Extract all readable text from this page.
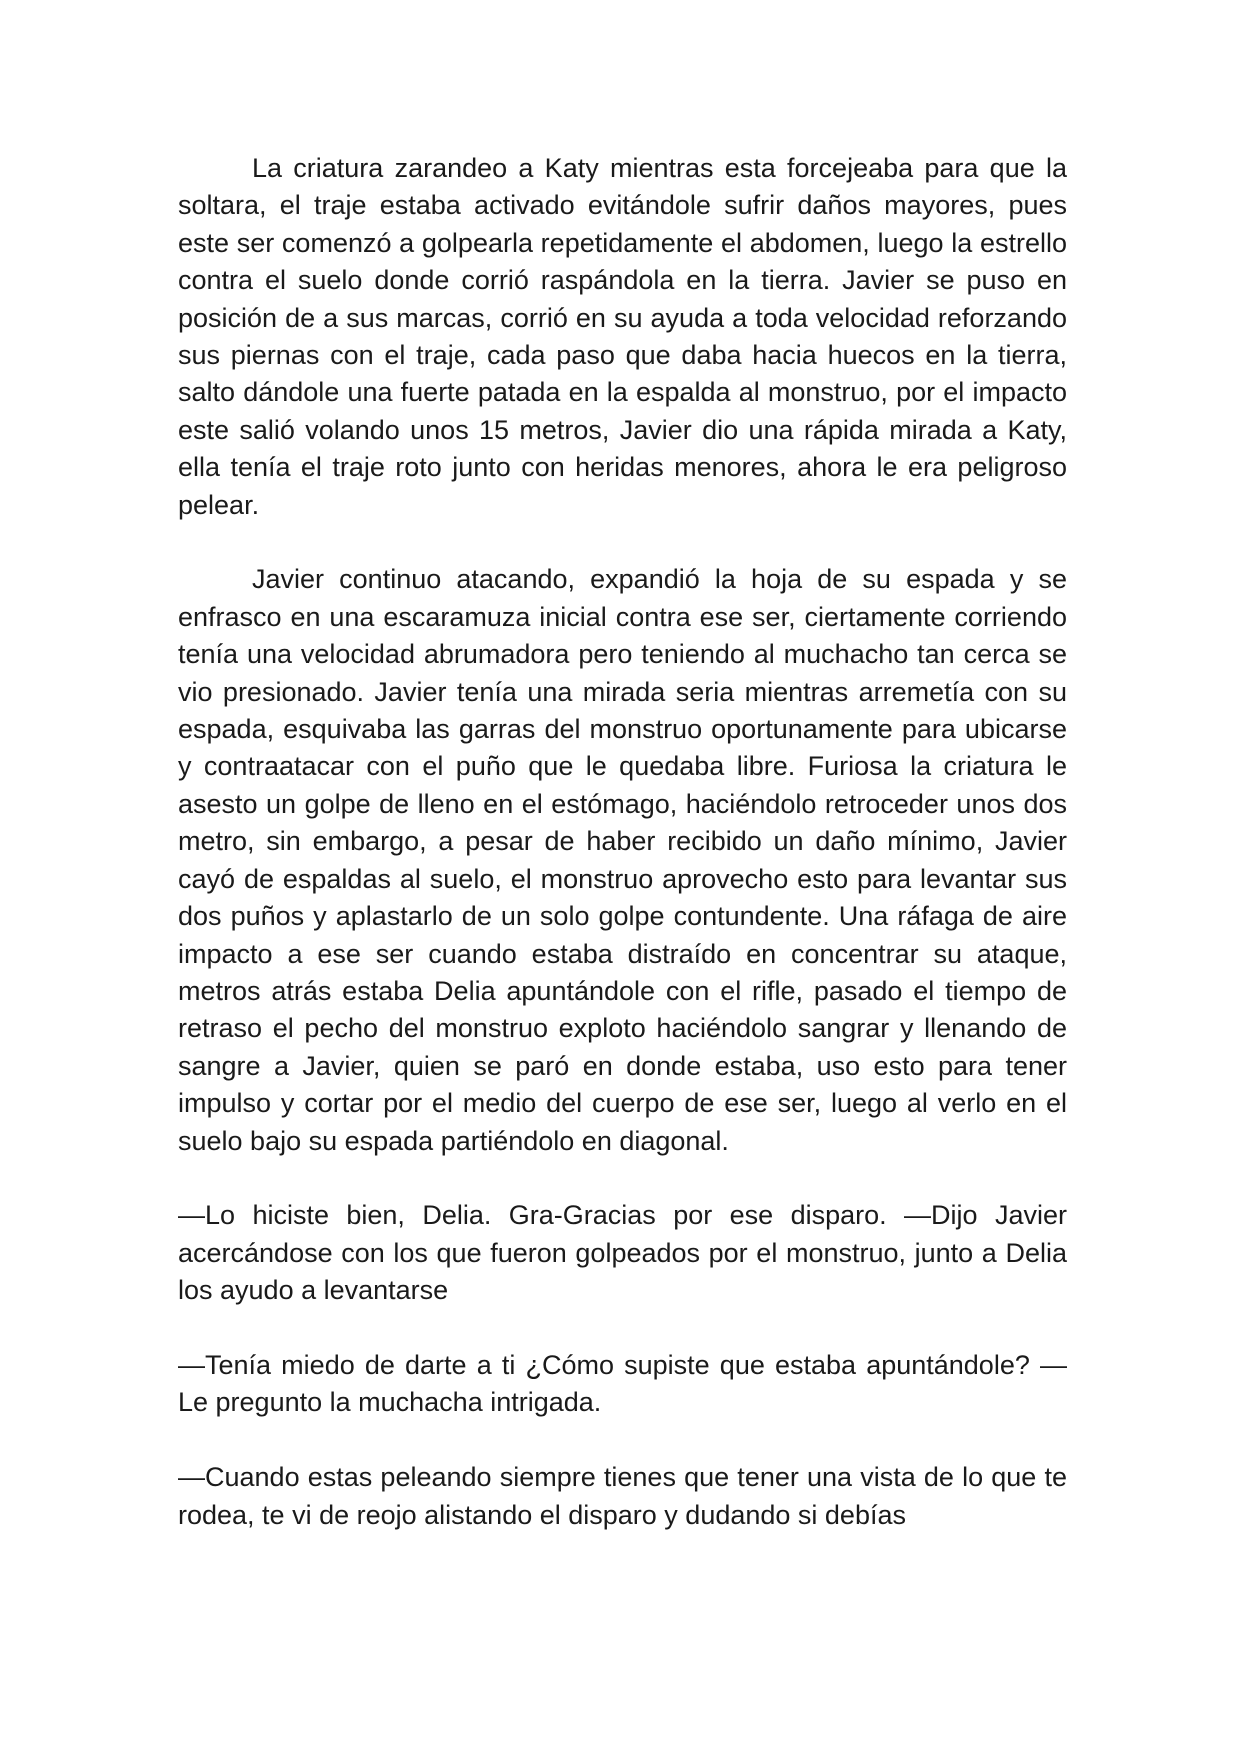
La criatura zarandeo a Katy mientras esta forcejeaba para que la soltara, el traje estaba activado evitándole sufrir daños mayores, pues este ser comenzó a golpearla repetidamente el abdomen, luego la estrello contra el suelo donde corrió raspándola en la tierra. Javier se puso en posición de a sus marcas, corrió en su ayuda a toda velocidad reforzando sus piernas con el traje, cada paso que daba hacia huecos en la tierra, salto dándole una fuerte patada en la espalda al monstruo, por el impacto este salió volando unos 15 metros, Javier dio una rápida mirada a Katy, ella tenía el traje roto junto con heridas menores, ahora le era peligroso pelear.

Javier continuo atacando, expandió la hoja de su espada y se enfrasco en una escaramuza inicial contra ese ser, ciertamente corriendo tenía una velocidad abrumadora pero teniendo al muchacho tan cerca se vio presionado. Javier tenía una mirada seria mientras arremetía con su espada, esquivaba las garras del monstruo oportunamente para ubicarse y contraatacar con el puño que le quedaba libre. Furiosa la criatura le asesto un golpe de lleno en el estómago, haciéndolo retroceder unos dos metro, sin embargo, a pesar de haber recibido un daño mínimo, Javier cayó de espaldas al suelo, el monstruo aprovecho esto para levantar sus dos puños y aplastarlo de un solo golpe contundente. Una ráfaga de aire impacto a ese ser cuando estaba distraído en concentrar su ataque, metros atrás estaba Delia apuntándole con el rifle, pasado el tiempo de retraso el pecho del monstruo exploto haciéndolo sangrar y llenando de sangre a Javier, quien se paró en donde estaba, uso esto para tener impulso y cortar por el medio del cuerpo de ese ser, luego al verlo en el suelo bajo su espada partiéndolo en diagonal.

—Lo hiciste bien, Delia. Gra-Gracias por ese disparo. —Dijo Javier acercándose con los que fueron golpeados por el monstruo, junto a Delia los ayudo a levantarse

—Tenía miedo de darte a ti ¿Cómo supiste que estaba apuntándole? —Le pregunto la muchacha intrigada.

—Cuando estas peleando siempre tienes que tener una vista de lo que te rodea, te vi de reojo alistando el disparo y dudando si debías
